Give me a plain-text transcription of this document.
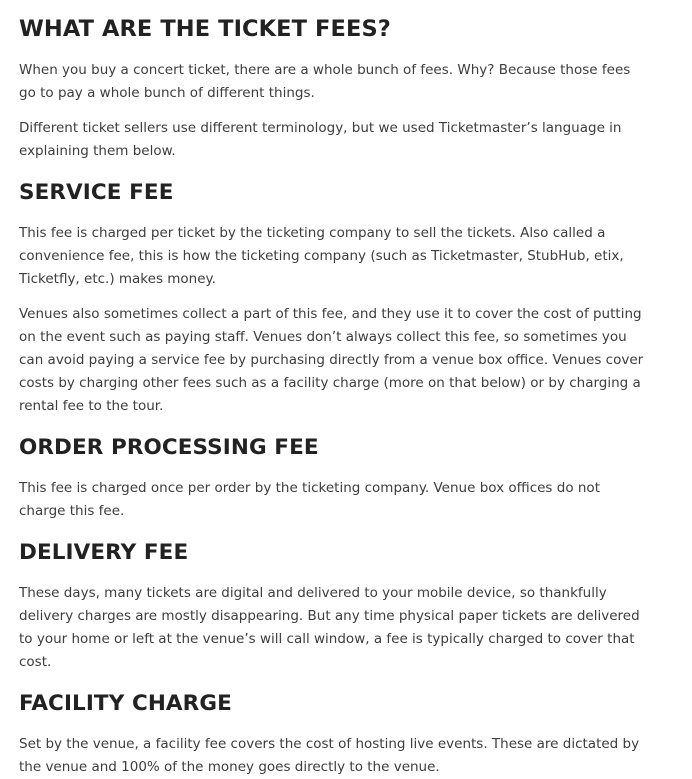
WHAT ARE THE TICKET FEES?

When you buy a concert ticket, there are a whole bunch of fees. Why? Because those fees go to pay a whole bunch of different things.

Different ticket sellers use different terminology, but we used Ticketmaster’s language in explaining them below.

SERVICE FEE

This fee is charged per ticket by the ticketing company to sell the tickets. Also called a convenience fee, this is how the ticketing company (such as Ticketmaster, StubHub, etix, Ticketfly, etc.) makes money.

Venues also sometimes collect a part of this fee, and they use it to cover the cost of putting on the event such as paying staff. Venues don’t always collect this fee, so sometimes you can avoid paying a service fee by purchasing directly from a venue box office. Venues cover costs by charging other fees such as a facility charge (more on that below) or by charging a rental fee to the tour.

ORDER PROCESSING FEE

This fee is charged once per order by the ticketing company. Venue box offices do not charge this fee.

DELIVERY FEE

These days, many tickets are digital and delivered to your mobile device, so thankfully delivery charges are mostly disappearing. But any time physical paper tickets are delivered to your home or left at the venue’s will call window, a fee is typically charged to cover that cost.

FACILITY CHARGE

Set by the venue, a facility fee covers the cost of hosting live events. These are dictated by the venue and 100% of the money goes directly to the venue.
